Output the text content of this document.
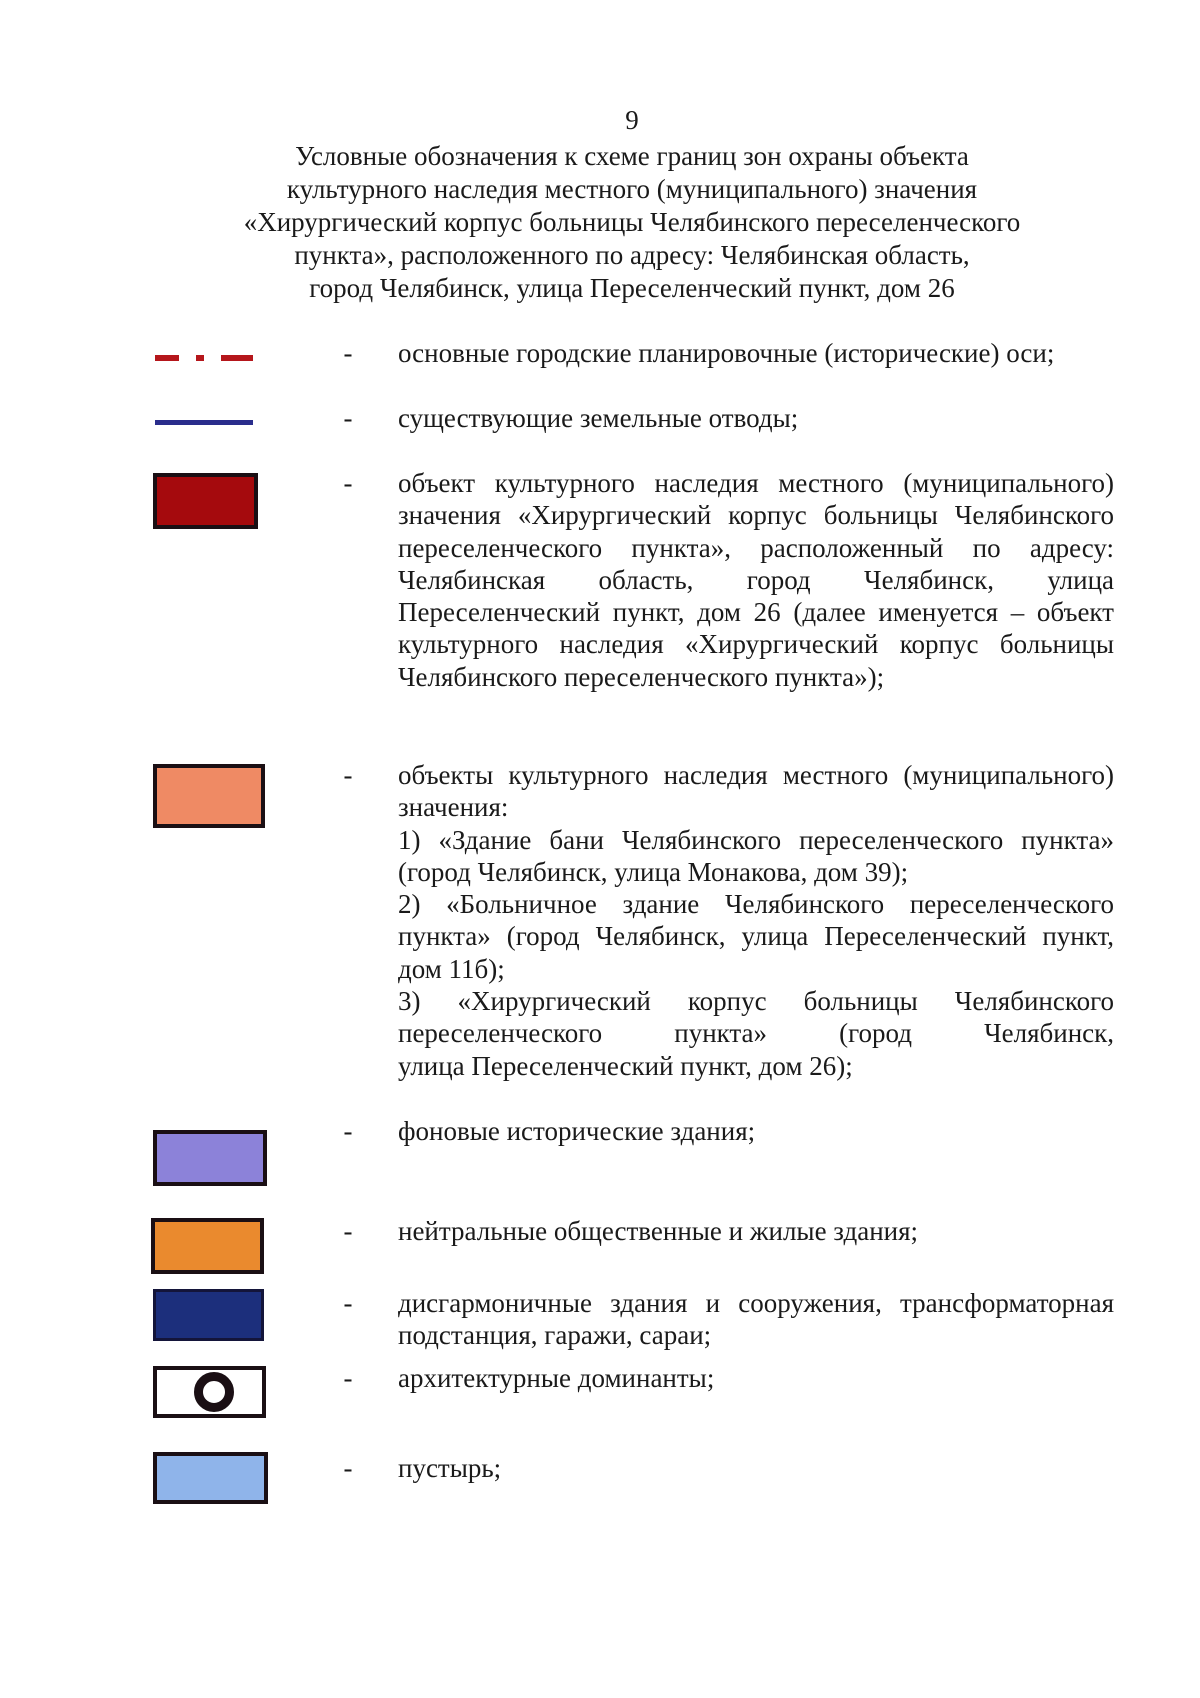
9
Условные обозначения к схеме границ зон охраны объекта
культурного наследия местного (муниципального) значения
«Хирургический корпус больницы Челябинского переселенческого
пункта», расположенного по адресу: Челябинская область,
город Челябинск, улица Переселенческий пункт, дом 26
- основные городские планировочные (исторические) оси;
- существующие земельные отводы;
- объект культурного наследия местного (муниципального)
значения «Хирургический корпус больницы Челябинского
переселенческого пункта», расположенный по адресу:
Челябинская область, город Челябинск, улица
Переселенческий пункт, дом 26 (далее именуется – объект
культурного наследия «Хирургический корпус больницы
Челябинского переселенческого пункта»);
- объекты культурного наследия местного (муниципального)
значения:
1) «Здание бани Челябинского переселенческого пункта»
(город Челябинск, улица Монакова, дом 39);
2) «Больничное здание Челябинского переселенческого
пункта» (город Челябинск, улица Переселенческий пункт,
дом 11б);
3) «Хирургический корпус больницы Челябинского
переселенческого пункта» (город Челябинск,
улица Переселенческий пункт, дом 26);
- фоновые исторические здания;
- нейтральные общественные и жилые здания;
- дисгармоничные здания и сооружения, трансформаторная
подстанция, гаражи, сараи;
- архитектурные доминанты;
- пустырь;
